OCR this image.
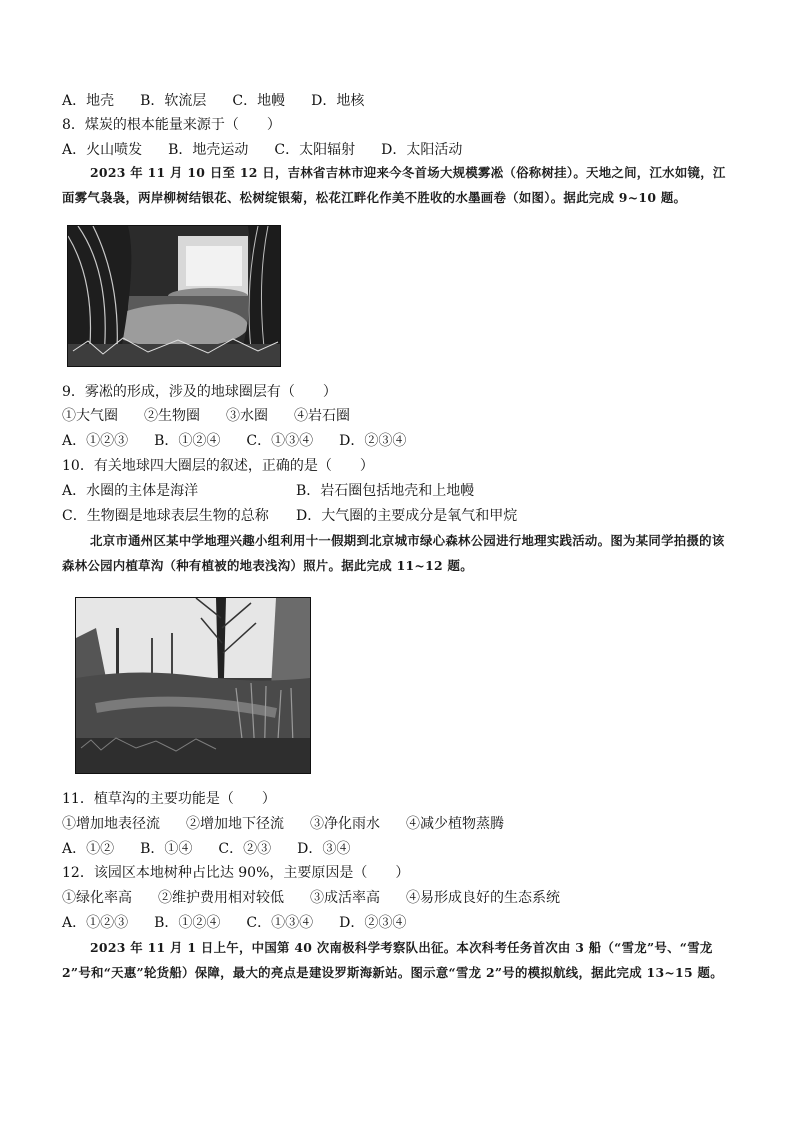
A．地壳 B．软流层 C．地幔 D．地核
8．煤炭的根本能量来源于（　　）
A．火山喷发 B．地壳运动 C．太阳辐射 D．太阳活动
2023 年 11 月 10 日至 12 日，吉林省吉林市迎来今冬首场大规模雾凇（俗称树挂）。天地之间，江水如镜，江面雾气袅袅，两岸柳树结银花、松树绽银菊，松花江畔化作美不胜收的水墨画卷（如图）。据此完成 9~10 题。
9．雾凇的形成，涉及的地球圈层有（　　）
①大气圈 ②生物圈 ③水圈 ④岩石圈
A．①②③ B．①②④ C．①③④ D．②③④
10．有关地球四大圈层的叙述，正确的是（　　）
A．水圈的主体是海洋	B．岩石圈包括地壳和上地幔
C．生物圈是地球表层生物的总称 D．大气圈的主要成分是氧气和甲烷
北京市通州区某中学地理兴趣小组利用十一假期到北京城市绿心森林公园进行地理实践活动。图为某同学拍摄的该森林公园内植草沟（种有植被的地表浅沟）照片。据此完成 11~12 题。
11．植草沟的主要功能是（　　）
①增加地表径流 ②增加地下径流 ③净化雨水 ④减少植物蒸腾
A．①② B．①④ C．②③ D．③④
12．该园区本地树种占比达 90%，主要原因是（　　）
①绿化率高 ②维护费用相对较低 ③成活率高 ④易形成良好的生态系统
A．①②③ B．①②④ C．①③④ D．②③④
2023 年 11 月 1 日上午，中国第 40 次南极科学考察队出征。本次科考任务首次由 3 船（“雪龙”号、“雪龙 2”号和“天惠”轮货船）保障，最大的亮点是建设罗斯海新站。图示意“雪龙 2”号的模拟航线，据此完成 13~15 题。
